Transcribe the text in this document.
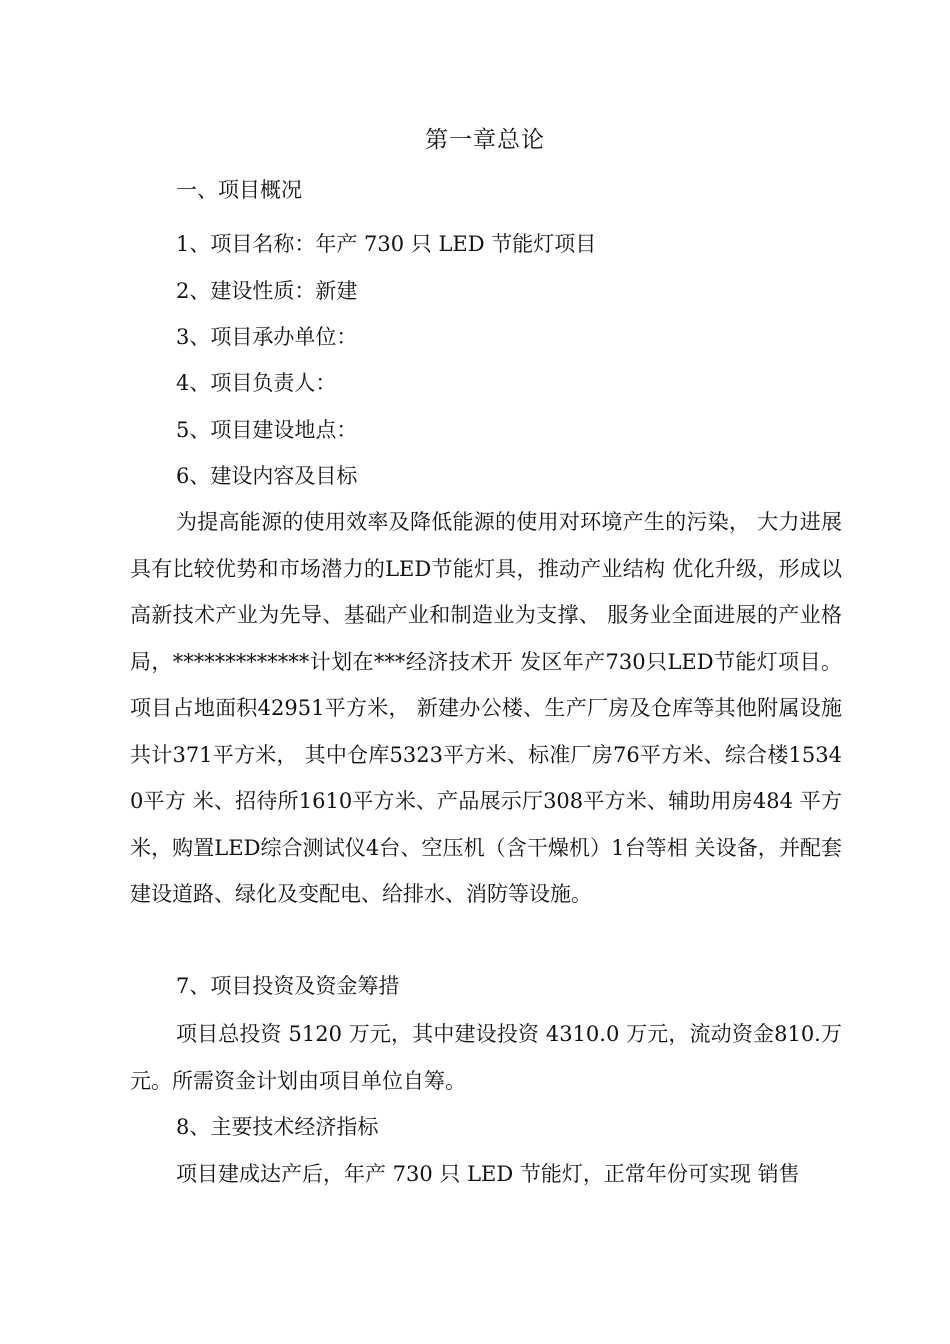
第一章总论
一、项目概况
1、项目名称：年产 730 只 LED 节能灯项目
2、建设性质：新建
3、项目承办单位：
4、项目负责人：
5、项目建设地点：
6、建设内容及目标

为提高能源的使用效率及降低能源的使用对环境产生的污染， 大力进展具有比较优势和市场潜力的LED节能灯具，推动产业结构 优化升级，形成以高新技术产业为先导、基础产业和制造业为支撑、 服务业全面进展的产业格局，*************计划在***经济技术开 发区年产730只LED节能灯项目。项目占地面积42951平方米， 新建办公楼、生产厂房及仓库等其他附属设施共计371平方米， 其中仓库5323平方米、标准厂房76平方米、综合楼15340平方 米、招待所1610平方米、产品展示厅308平方米、辅助用房484 平方米，购置LED综合测试仪4台、空压机（含干燥机）1台等相 关设备，并配套建设道路、绿化及变配电、给排水、消防等设施。

7、项目投资及资金筹措

项目总投资 5120 万元，其中建设投资 4310.0 万元，流动资金810.万元。所需资金计划由项目单位自筹。

8、主要技术经济指标

项目建成达产后，年产 730 只 LED 节能灯，正常年份可实现 销售
